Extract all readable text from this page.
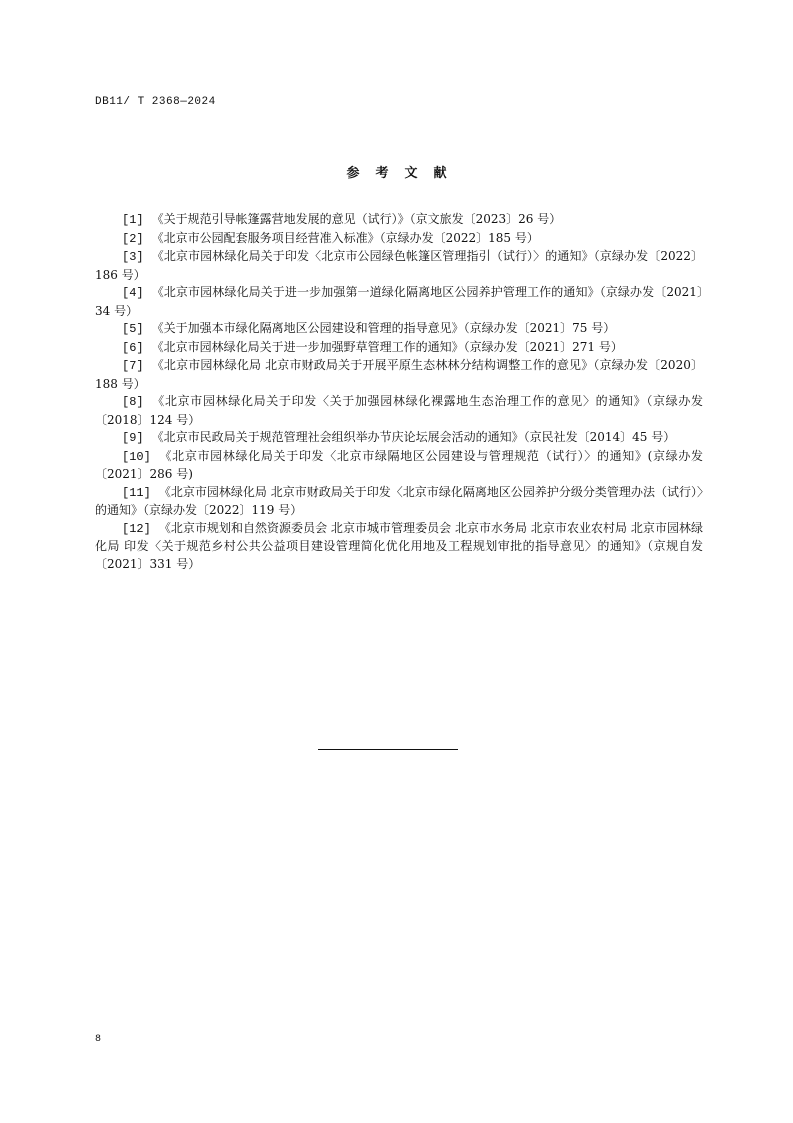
DB11/ T 2368—2024
参考文献
[1] 《关于规范引导帐篷露营地发展的意见（试行）》（京文旅发〔2023〕26 号）
[2] 《北京市公园配套服务项目经营准入标准》（京绿办发〔2022〕185 号）
[3] 《北京市园林绿化局关于印发〈北京市公园绿色帐篷区管理指引（试行）〉的通知》（京绿办发〔2022〕186 号）
[4] 《北京市园林绿化局关于进一步加强第一道绿化隔离地区公园养护管理工作的通知》（京绿办发〔2021〕34 号）
[5] 《关于加强本市绿化隔离地区公园建设和管理的指导意见》（京绿办发〔2021〕75 号）
[6] 《北京市园林绿化局关于进一步加强野草管理工作的通知》（京绿办发〔2021〕271 号）
[7] 《北京市园林绿化局 北京市财政局关于开展平原生态林林分结构调整工作的意见》（京绿办发〔2020〕188 号）
[8] 《北京市园林绿化局关于印发〈关于加强园林绿化裸露地生态治理工作的意见〉的通知》（京绿办发〔2018〕124 号）
[9] 《北京市民政局关于规范管理社会组织举办节庆论坛展会活动的通知》（京民社发〔2014〕45 号）
[10] 《北京市园林绿化局关于印发〈北京市绿隔地区公园建设与管理规范（试行）〉的通知》(京绿办发〔2021〕286 号)
[11] 《北京市园林绿化局 北京市财政局关于印发〈北京市绿化隔离地区公园养护分级分类管理办法（试行）〉的通知》（京绿办发〔2022〕119 号）
[12] 《北京市规划和自然资源委员会 北京市城市管理委员会 北京市水务局 北京市农业农村局 北京市园林绿化局 印发〈关于规范乡村公共公益项目建设管理简化优化用地及工程规划审批的指导意见〉的通知》（京规自发〔2021〕331 号）
8
